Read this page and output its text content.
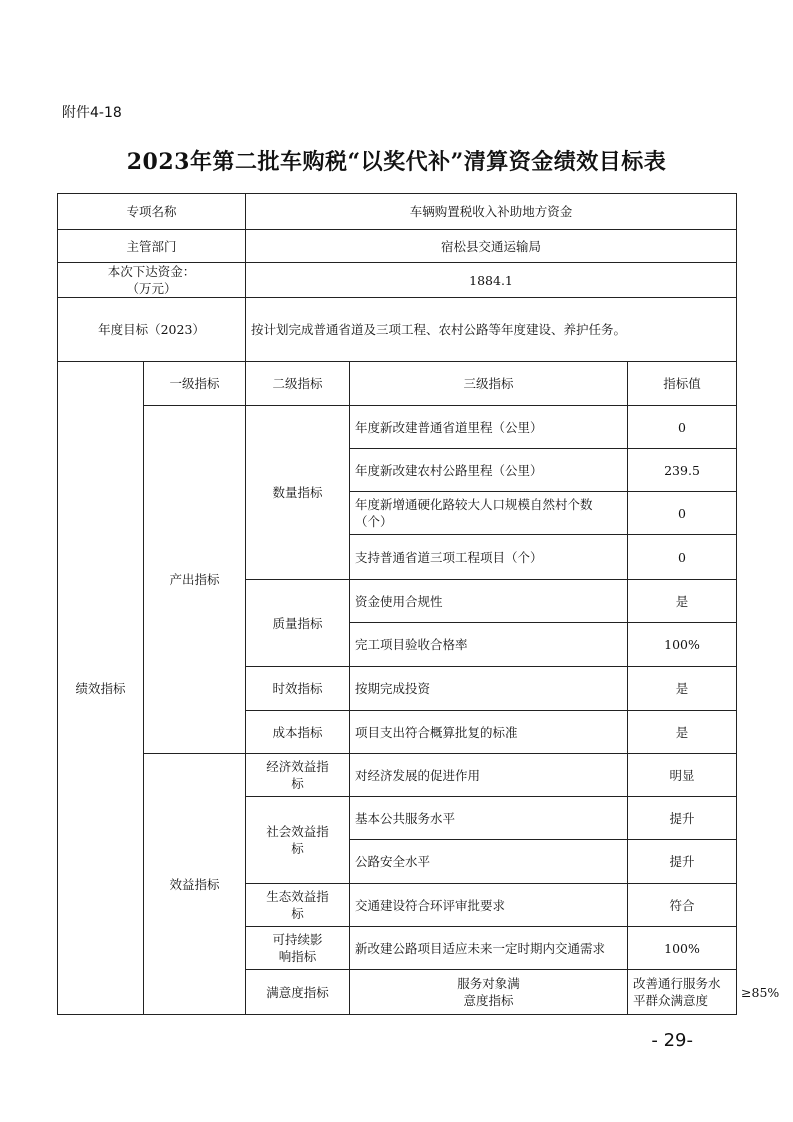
附件4-18
2023年第二批车购税“以奖代补”清算资金绩效目标表
专项名称		车辆购置税收入补助地方资金			
主管部门		宿松县交通运输局			

本次下达资金：
（万元）		1884.1			
年度目标（2023）		按计划完成普通省道及三项工程、农村公路等年度建设、养护任务。			
绩效指标	一级指标	二级指标	三级指标	指标值	
	产出指标	数量指标	年度新改建普通省道里程（公里）	0	
			年度新改建农村公路里程（公里）	239.5	
			年度新增通硬化路较大人口规模自然村个数（个）	0	
			支持普通省道三项工程项目（个）	0	
		质量指标	资金使用合规性	是	
			完工项目验收合格率	100%	
		时效指标	按期完成投资	是	
		成本指标	项目支出符合概算批复的标准	是	
	效益指标	经济效益指标	对经济发展的促进作用	明显	

		社会效益指标	基本公共服务水平	提升	
			公路安全水平	提升	

		生态效益指标	交通建设符合环评审批要求	符合	

		可持续影响指标	新改建公路项目适应未来一定时期内交通需求	100%	
		满意度指标	服务对象满意度指标	改善通行服务水平群众满意度	≥85%
- 29-
